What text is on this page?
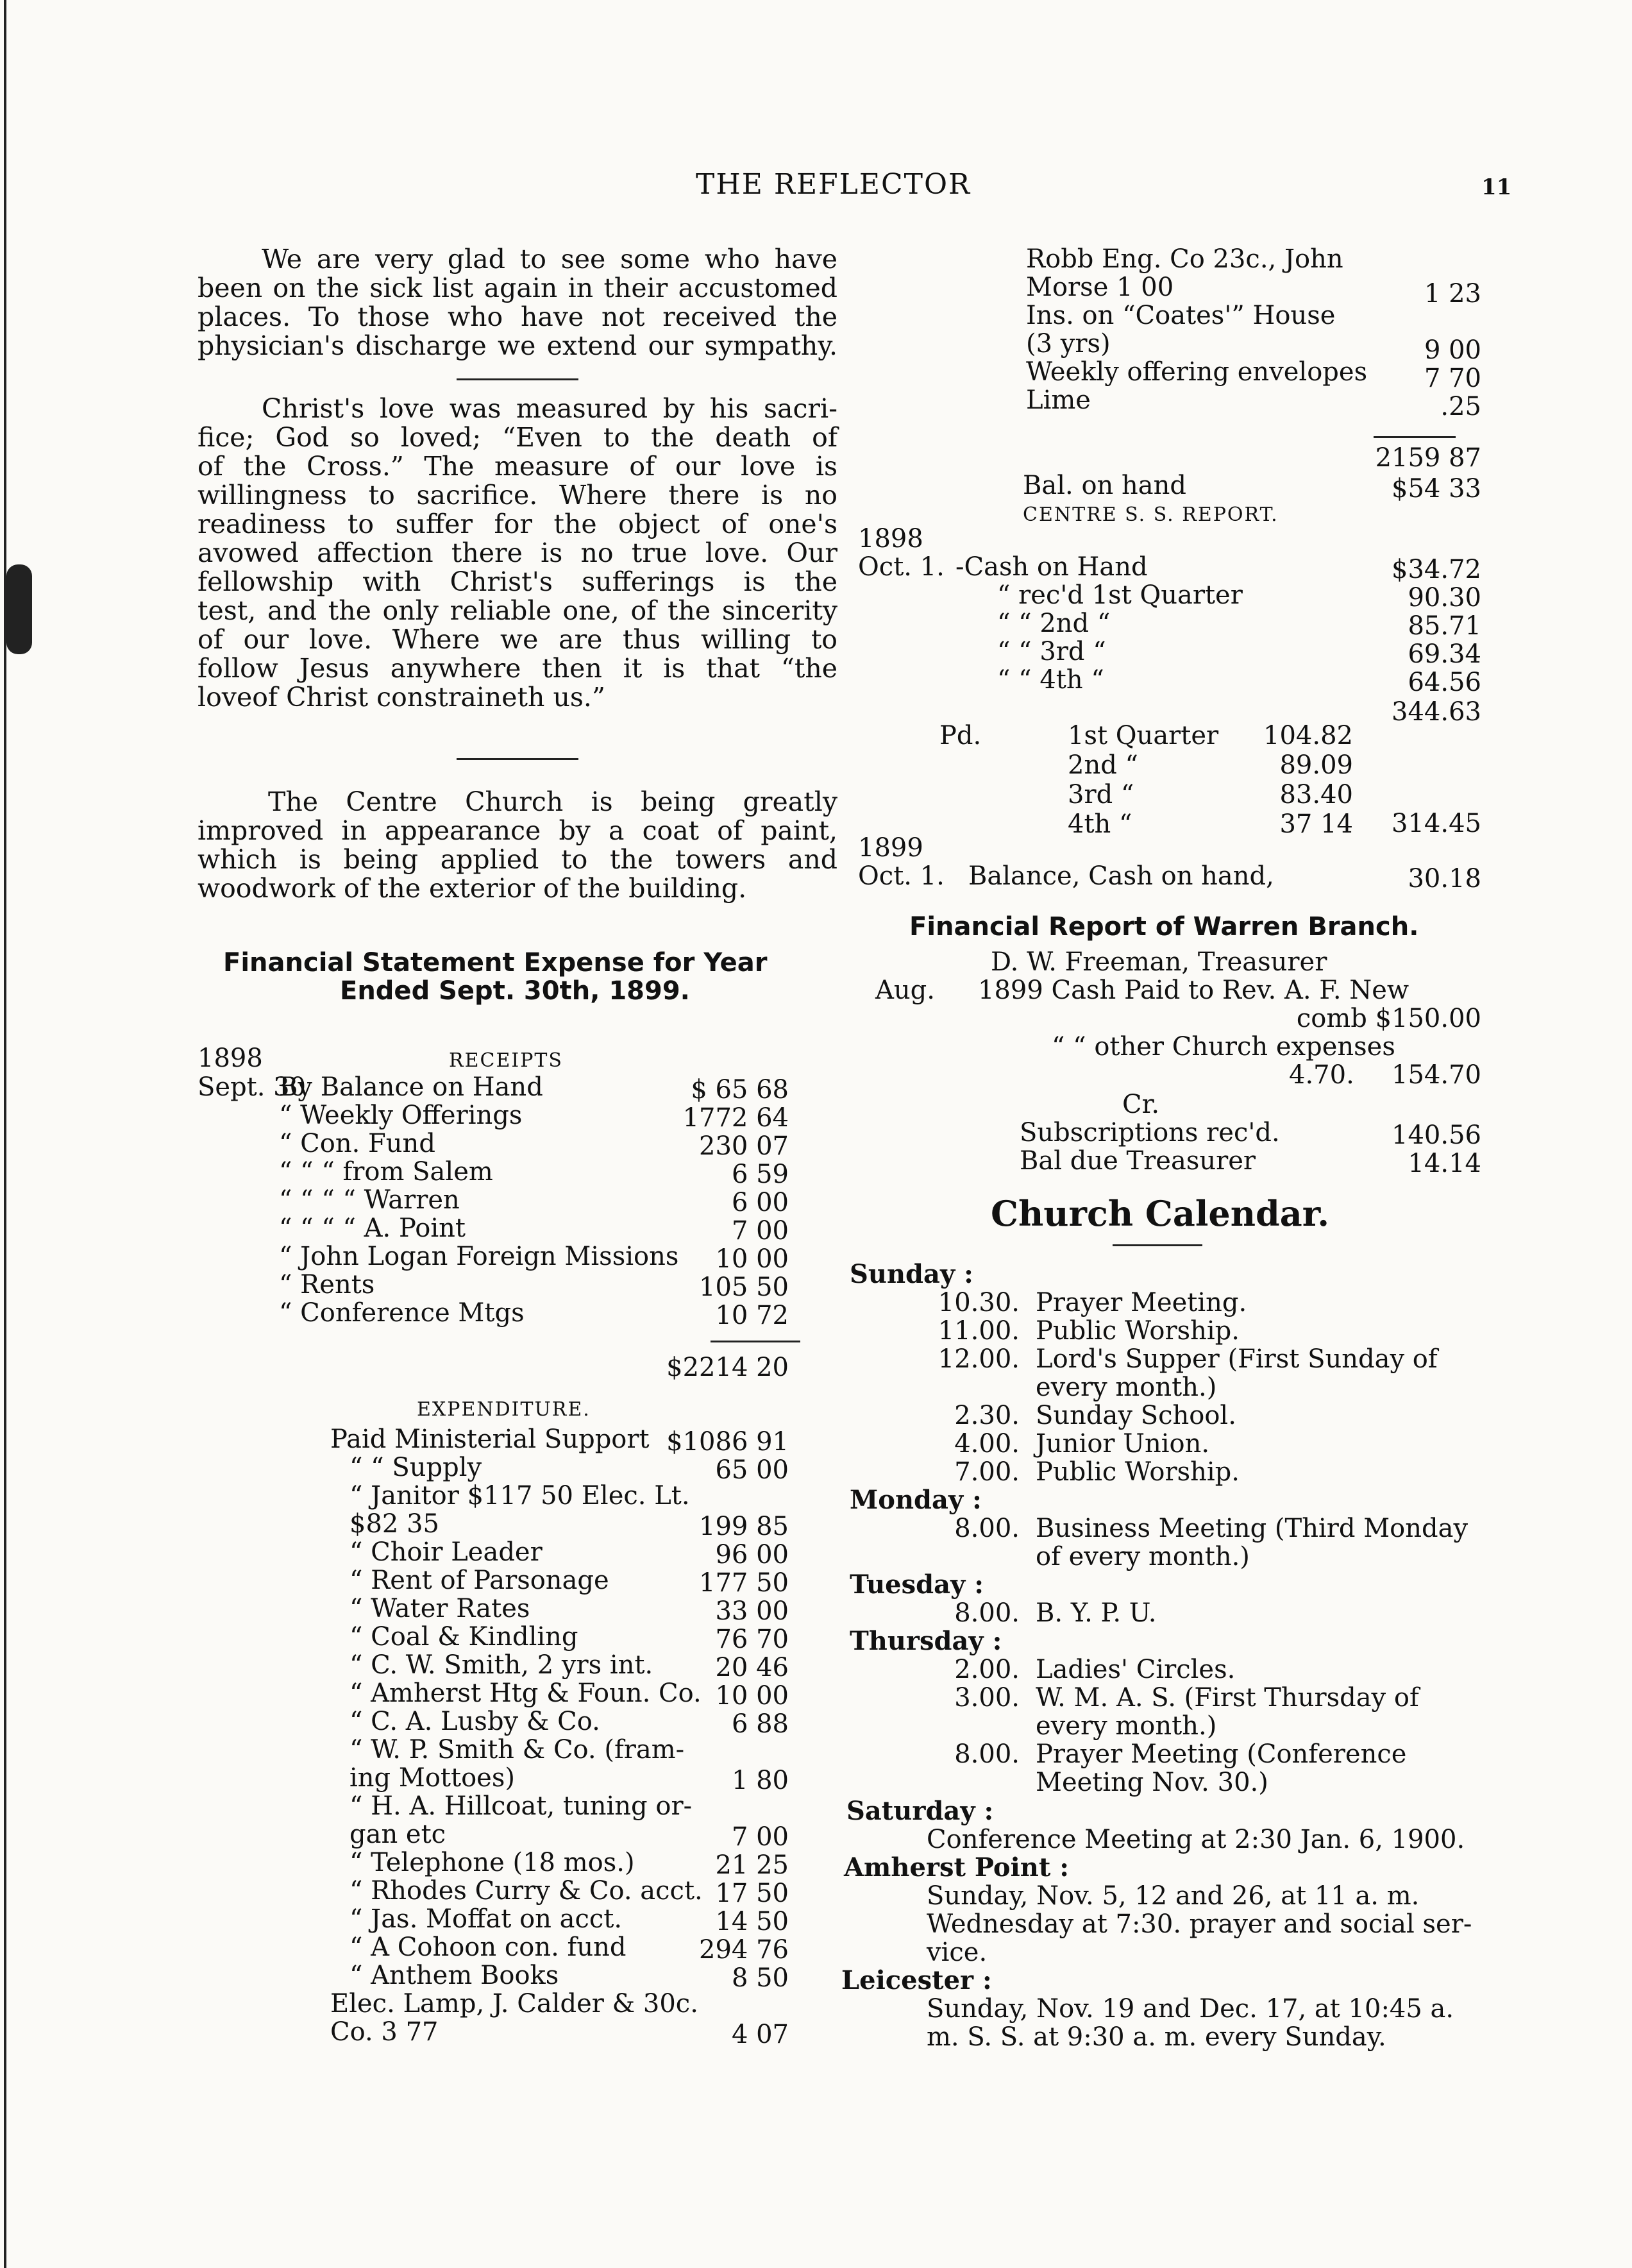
THE REFLECTOR	11
We are very glad to see some who have
been on the sick list again in their accustomed
places. To those who have not received the
physician's discharge we extend our sympathy.
Christ's love was measured by his sacri-
fice; God so loved; “Even to the death of
of the Cross.” The measure of our love is
willingness to sacrifice. Where there is no
readiness to suffer for the object of one's
avowed affection there is no true love. Our
fellowship with Christ's sufferings is the
test, and the only reliable one, of the sincerity
of our love. Where we are thus willing to
follow Jesus anywhere then it is that “the
loveof Christ constraineth us.”
The Centre Church is being greatly
improved in appearance by a coat of paint,
which is being applied to the towers and
woodwork of the exterior of the building.
Financial Statement Expense for Year
Ended Sept. 30th, 1899.
1898	RECEIPTS
Sept. 30
By Balance on Hand	$ 65 68
“ Weekly Offerings	1772 64
“ Con. Fund	230 07
“ “ “ from Salem	6 59
“ “ “ “ Warren	6 00
“ “ “ “ A. Point	7 00
“ John Logan Foreign Missions	10 00
“ Rents	105 50
“ Conference Mtgs	10 72
$2214 20
EXPENDITURE.
Paid Ministerial Support $1086 91
“ “ Supply	65 00
“ Janitor $117 50 Elec. Lt.
$82 35	199 85
“ Choir Leader	96 00
“ Rent of Parsonage	177 50
“ Water Rates	33 00
“ Coal & Kindling	76 70
“ C. W. Smith, 2 yrs int.	20 46
“ Amherst Htg & Foun. Co. 10 00
“ C. A. Lusby & Co.	6 88
“ W. P. Smith & Co. (fram-
ing Mottoes)	1 80
“ H. A. Hillcoat, tuning or-
gan etc	7 00
“ Telephone (18 mos.)	21 25
“ Rhodes Curry & Co. acct. 17 50
“ Jas. Moffat on acct.	14 50
“ A Cohoon con. fund	294 76
“ Anthem Books	8 50
Elec. Lamp, J. Calder & 30c.
Co. 3 77	4 07
Robb Eng. Co 23c., John
Morse 1 00	1 23
Ins. on “Coates'” House
(3 yrs)	9 00
Weekly offering envelopes	7 70
Lime	.25
2159 87
Bal. on hand	$54 33
CENTRE S. S. REPORT.
1898
Oct. 1. -Cash on Hand	$34.72
“ rec'd 1st Quarter	90.30
“ “ 2nd “	85.71
“ “ 3rd “	69.34
“ “ 4th “	64.56
344.63
Pd.	1st Quarter 104.82
2nd “	89.09
3rd “	83.40
4th “	37 14	314.45
1899
Oct. 1. Balance, Cash on hand,	30.18
Financial Report of Warren Branch.
D. W. Freeman, Treasurer
Aug. 1899 Cash Paid to Rev. A. F. New
comb $150.00
“ “ other Church expenses
4.70.	154.70
Cr.
Subscriptions rec'd.	140.56
Bal due Treasurer	14.14
Church Calendar.
Sunday :
10.30. Prayer Meeting.
11.00. Public Worship.
12.00. Lord's Supper (First Sunday of
every month.)
2.30. Sunday School.
4.00. Junior Union.
7.00. Public Worship.
Monday :
8.00. Business Meeting (Third Monday
of every month.)
Tuesday :
8.00. B. Y. P. U.
Thursday :
2.00. Ladies' Circles.
3.00. W. M. A. S. (First Thursday of
every month.)
8.00. Prayer Meeting (Conference
Meeting Nov. 30.)
Saturday :
Conference Meeting at 2:30 Jan. 6, 1900.
Amherst Point :
Sunday, Nov. 5, 12 and 26, at 11 a. m.
Wednesday at 7:30. prayer and social ser-
vice.
Leicester :
Sunday, Nov. 19 and Dec. 17, at 10:45 a.
m. S. S. at 9:30 a. m. every Sunday.
